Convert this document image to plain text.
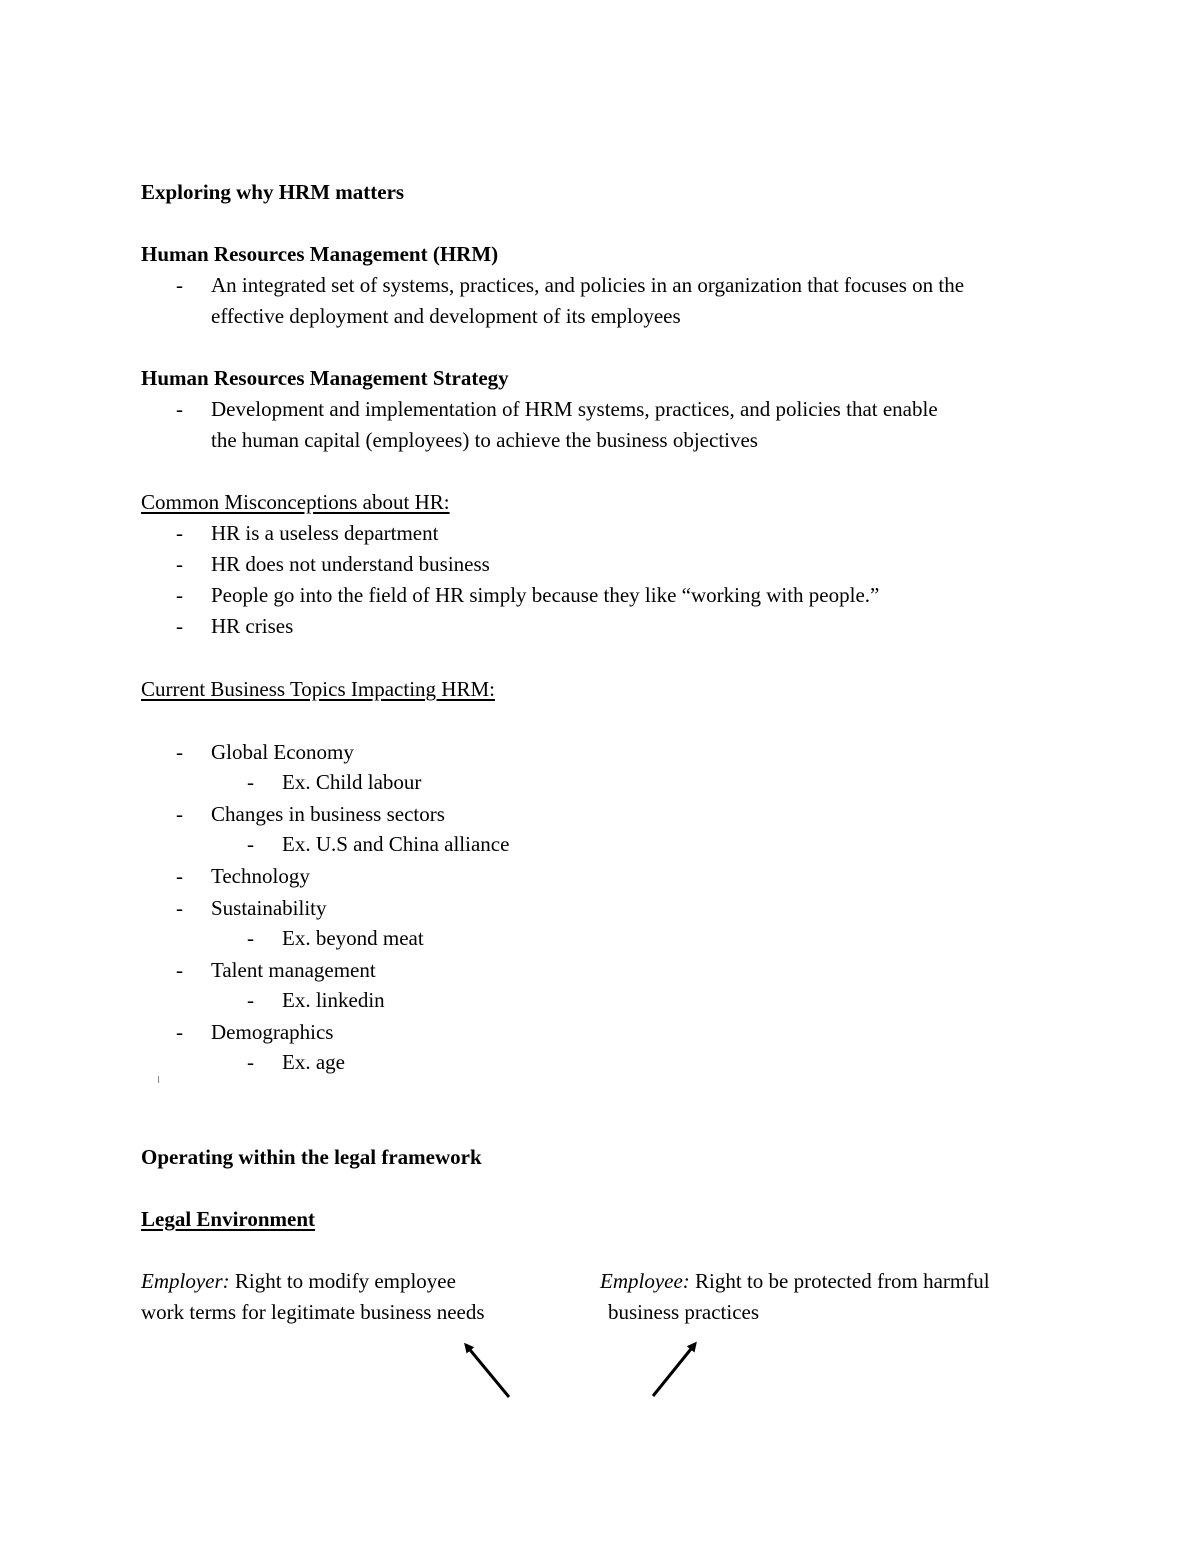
Exploring why HRM matters
Human Resources Management (HRM)
- An integrated set of systems, practices, and policies in an organization that focuses on the
effective deployment and development of its employees
Human Resources Management Strategy
- Development and implementation of HRM systems, practices, and policies that enable
the human capital (employees) to achieve the business objectives
Common Misconceptions about HR:
- HR is a useless department
- HR does not understand business
- People go into the field of HR simply because they like “working with people.”
- HR crises
Current Business Topics Impacting HRM:
- Global Economy
- Ex. Child labour
- Changes in business sectors
- Ex. U.S and China alliance
- Technology
- Sustainability
- Ex. beyond meat
- Talent management
- Ex. linkedin
- Demographics
- Ex. age
Operating within the legal framework
Legal Environment
Employer: Right to modify employee
work terms for legitimate business needs
Employee: Right to be protected from harmful
business practices
